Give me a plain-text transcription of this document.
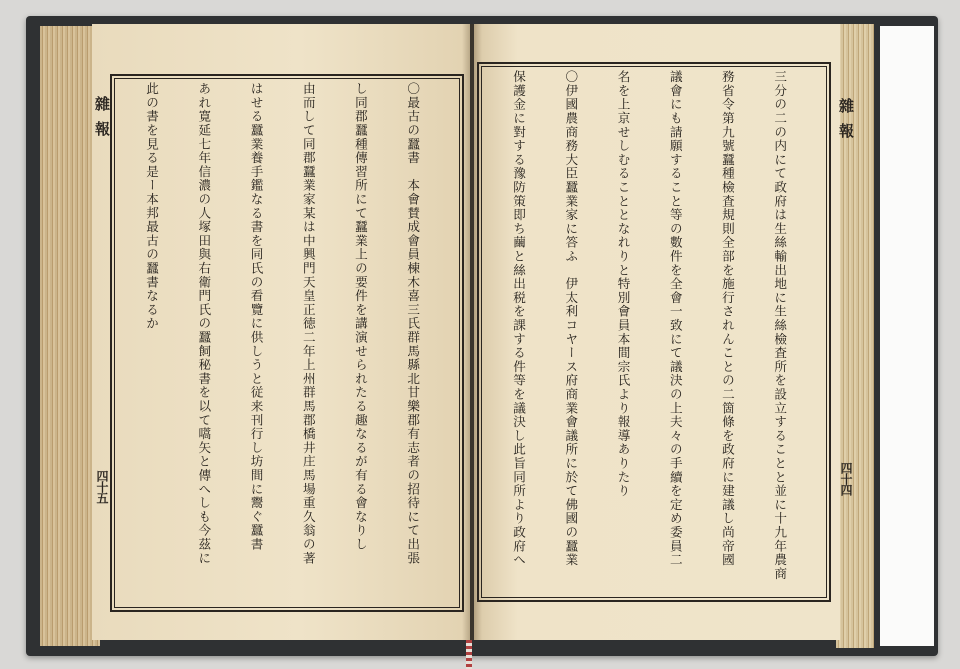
雜報
四十五
雜報
四十四

〇最古の蠶書　本會賛成會員棟木喜三氏群馬縣北甘樂郡有志者の招待にて出張

し同郡蠶種傳習所にて蠶業上の要件を講演せられたる趣なるが有る會なりし

由而して同郡蠶業家某は中興門天皇正徳二年上州群馬郡橋井庄馬場重久翁の著

はせる蠶業養手鑑なる書を同氏の看覽に供しうと従来刊行し坊間に鬻ぐ蠶書

あれ寛延七年信濃の人塚田與右衛門氏の蠶飼秘書を以て嚆矢と傳へしも今茲に

此の書を見る是ー本邦最古の蠶書なるか

	三分の二の内にて政府は生絲輸出地に生絲檢査所を設立することと並に十九年農商

務省令第九號蠶種檢査規則全部を施行されんことの二箇條を政府に建議し尚帝國

議會にも請願すること等の數件を全會一致にて議決の上夫々の手續を定め委員二

名を上京せしむることとなれりと特別會員本間宗氏より報導ありたり

〇伊國農商務大臣蠶業家に答ふ　伊太利コヤース府商業會議所に於て佛國の蠶業

保護金に對する豫防策即ち繭と絲出税を課する件等を議決し此旨同所より政府へ
